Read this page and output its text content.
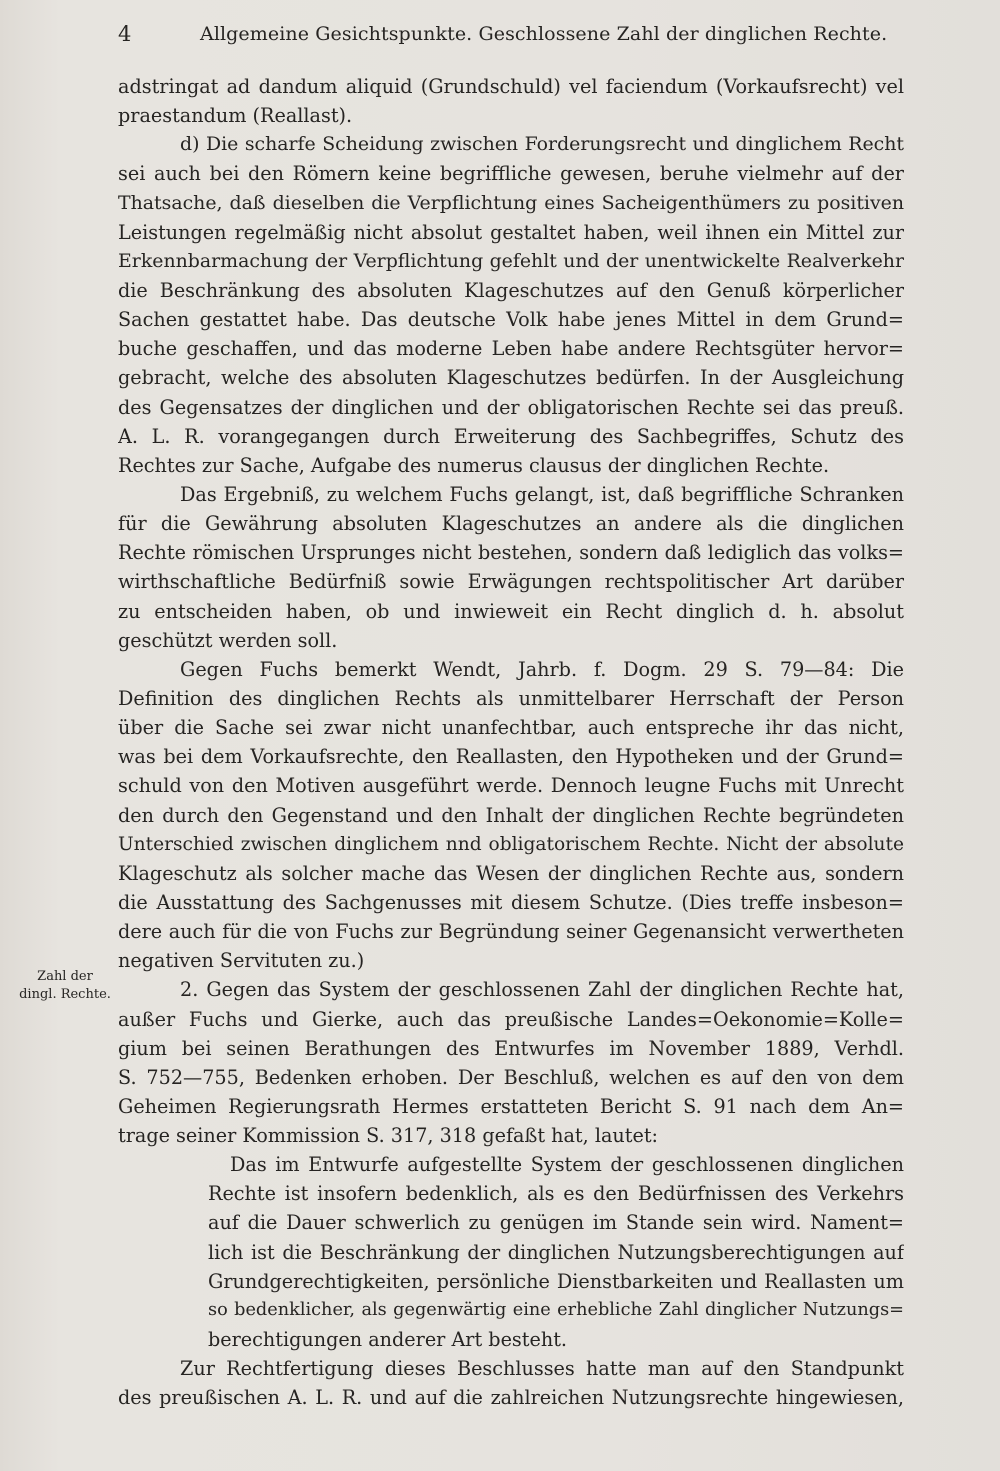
4	Allgemeine Gesichtspunkte. Geschlossene Zahl der dinglichen Rechte.
Zahl der
dingl. Rechte.
adstringat ad dandum aliquid (Grundschuld) vel faciendum (Vorkaufsrecht) vel
praestandum (Reallast).
d) Die scharfe Scheidung zwischen Forderungsrecht und dinglichem Recht
sei auch bei den Römern keine begriffliche gewesen, beruhe vielmehr auf der
Thatsache, daß dieselben die Verpflichtung eines Sacheigenthümers zu positiven
Leistungen regelmäßig nicht absolut gestaltet haben, weil ihnen ein Mittel zur
Erkennbarmachung der Verpflichtung gefehlt und der unentwickelte Realverkehr
die Beschränkung des absoluten Klageschutzes auf den Genuß körperlicher
Sachen gestattet habe. Das deutsche Volk habe jenes Mittel in dem Grund=
buche geschaffen, und das moderne Leben habe andere Rechtsgüter hervor=
gebracht, welche des absoluten Klageschutzes bedürfen. In der Ausgleichung
des Gegensatzes der dinglichen und der obligatorischen Rechte sei das preuß.
A. L. R. vorangegangen durch Erweiterung des Sachbegriffes, Schutz des
Rechtes zur Sache, Aufgabe des numerus clausus der dinglichen Rechte.
Das Ergebniß, zu welchem Fuchs gelangt, ist, daß begriffliche Schranken
für die Gewährung absoluten Klageschutzes an andere als die dinglichen
Rechte römischen Ursprunges nicht bestehen, sondern daß lediglich das volks=
wirthschaftliche Bedürfniß sowie Erwägungen rechtspolitischer Art darüber
zu entscheiden haben, ob und inwieweit ein Recht dinglich d. h. absolut
geschützt werden soll.
Gegen Fuchs bemerkt Wendt, Jahrb. f. Dogm. 29 S. 79—84: Die
Definition des dinglichen Rechts als unmittelbarer Herrschaft der Person
über die Sache sei zwar nicht unanfechtbar, auch entspreche ihr das nicht,
was bei dem Vorkaufsrechte, den Reallasten, den Hypotheken und der Grund=
schuld von den Motiven ausgeführt werde. Dennoch leugne Fuchs mit Unrecht
den durch den Gegenstand und den Inhalt der dinglichen Rechte begründeten
Unterschied zwischen dinglichem nnd obligatorischem Rechte. Nicht der absolute
Klageschutz als solcher mache das Wesen der dinglichen Rechte aus, sondern
die Ausstattung des Sachgenusses mit diesem Schutze. (Dies treffe insbeson=
dere auch für die von Fuchs zur Begründung seiner Gegenansicht verwertheten
negativen Servituten zu.)
2. Gegen das System der geschlossenen Zahl der dinglichen Rechte hat,
außer Fuchs und Gierke, auch das preußische Landes=Oekonomie=Kolle=
gium bei seinen Berathungen des Entwurfes im November 1889, Verhdl.
S. 752—755, Bedenken erhoben. Der Beschluß, welchen es auf den von dem
Geheimen Regierungsrath Hermes erstatteten Bericht S. 91 nach dem An=
trage seiner Kommission S. 317, 318 gefaßt hat, lautet:
Das im Entwurfe aufgestellte System der geschlossenen dinglichen
Rechte ist insofern bedenklich, als es den Bedürfnissen des Verkehrs
auf die Dauer schwerlich zu genügen im Stande sein wird. Nament=
lich ist die Beschränkung der dinglichen Nutzungsberechtigungen auf
Grundgerechtigkeiten, persönliche Dienstbarkeiten und Reallasten um
so bedenklicher, als gegenwärtig eine erhebliche Zahl dinglicher Nutzungs=
berechtigungen anderer Art besteht.
Zur Rechtfertigung dieses Beschlusses hatte man auf den Standpunkt
des preußischen A. L. R. und auf die zahlreichen Nutzungsrechte hingewiesen,
